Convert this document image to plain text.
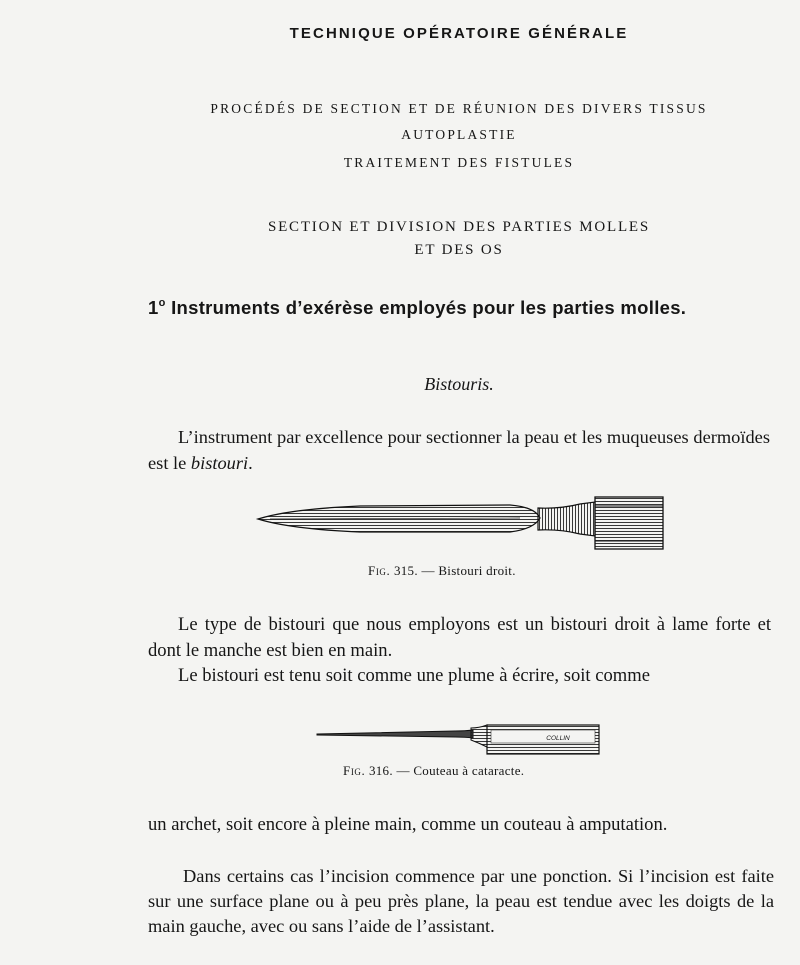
TECHNIQUE OPÉRATOIRE GÉNÉRALE
PROCÉDÉS DE SECTION ET DE RÉUNION DES DIVERS TISSUS
AUTOPLASTIE
TRAITEMENT DES FISTULES
SECTION ET DIVISION DES PARTIES MOLLES
ET DES OS
1$^o$ Instruments d’exérèse employés pour les parties molles.
Bistouris.
L’instrument par excellence pour sectionner la peau et les muqueuses dermoïdes est le bistouri.
Fig. 315. — Bistouri droit.
Le type de bistouri que nous employons est un bistouri droit à lame forte et dont le manche est bien en main.
Le bistouri est tenu soit comme une plume à écrire, soit comme
COLLIN
Fig. 316. — Couteau à cataracte.
un archet, soit encore à pleine main, comme un couteau à amputation.
Dans certains cas l’incision commence par une ponction. Si l’incision est faite sur une surface plane ou à peu près plane, la peau est tendue avec les doigts de la main gauche, avec ou sans l’aide de l’assistant.
